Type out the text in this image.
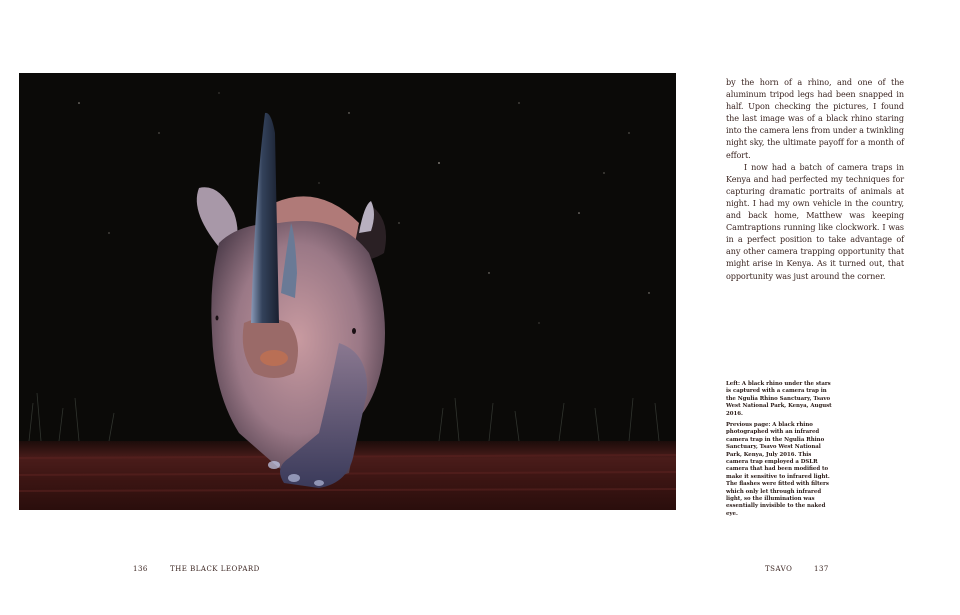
by the horn of a rhino, and one of the aluminum tripod legs had been snapped in half. Upon checking the pictures, I found the last image was of a black rhino staring into the camera lens from under a twinkling night sky, the ultimate payoff for a month of effort.

I now had a batch of camera traps in Kenya and had perfected my techniques for capturing dramatic portraits of animals at night. I had my own vehicle in the country, and back home, Matthew was keeping Camtraptions running like clockwork. I was in a perfect position to take advantage of any other camera trapping opportunity that might arise in Kenya. As it turned out, that opportunity was just around the corner.

Left: A black rhino under the stars is captured with a camera trap in the Ngulia Rhino Sanctuary, Tsavo West National Park, Kenya, August 2016.
Previous page: A black rhino photographed with an infrared camera trap in the Ngulia Rhino Sanctuary, Tsavo West National Park, Kenya, July 2016. This camera trap employed a DSLR camera that had been modified to make it sensitive to infrared light. The flashes were fitted with filters which only let through infrared light, so the illumination was essentially invisible to the naked eye.
136	THE BLACK LEOPARD	TSAVO	137
